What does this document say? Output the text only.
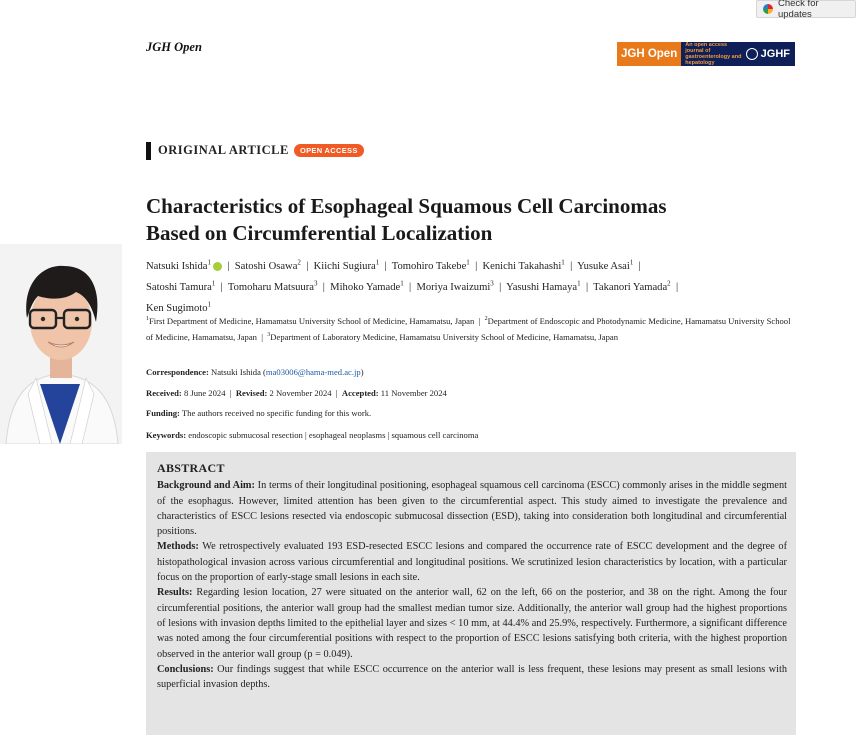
Check for updates
JGH Open	JGH Open
An open access journal of gastroenterology and hepatology
JGHF
ORIGINAL ARTICLE	OPEN ACCESS
Characteristics of Esophageal Squamous Cell Carcinomas
Based on Circumferential Localization
Natsuki Ishida$^1$  |  Satoshi Osawa$^2$  |  Kiichi Sugiura$^1$  |  Tomohiro Takebe$^1$  |  Kenichi Takahashi$^1$  |  Yusuke Asai$^1$  |
Satoshi Tamura$^1$  |  Tomoharu Matsuura$^3$  |  Mihoko Yamade$^1$  |  Moriya Iwaizumi$^3$  |  Yasushi Hamaya$^1$  |  Takanori Yamada$^2$  |
Ken Sugimoto$^1$
$^1$First Department of Medicine, Hamamatsu University School of Medicine, Hamamatsu, Japan  |  $^2$Department of Endoscopic and Photodynamic Medicine, Hamamatsu University School of Medicine, Hamamatsu, Japan  |  $^3$Department of Laboratory Medicine, Hamamatsu University School of Medicine, Hamamatsu, Japan
Correspondence: Natsuki Ishida (ma03006@hama-med.ac.jp)
Received: 8 June 2024  |  Revised: 2 November 2024  |  Accepted: 11 November 2024
Funding: The authors received no specific funding for this work.
Keywords: endoscopic submucosal resection | esophageal neoplasms | squamous cell carcinoma
ABSTRACT

Background and Aim: In terms of their longitudinal positioning, esophageal squamous cell carcinoma (ESCC) commonly arises in the middle segment of the esophagus. However, limited attention has been given to the circumferential aspect. This study aimed to investigate the prevalence and characteristics of ESCC lesions resected via endoscopic submucosal dissection (ESD), taking into consideration both longitudinal and circumferential positions.

Methods: We retrospectively evaluated 193 ESD-resected ESCC lesions and compared the occurrence rate of ESCC development and the degree of histopathological invasion across various circumferential and longitudinal positions. We scrutinized lesion characteristics by location, with a particular focus on the proportion of early-stage small lesions in each site.

Results: Regarding lesion location, 27 were situated on the anterior wall, 62 on the left, 66 on the posterior, and 38 on the right. Among the four circumferential positions, the anterior wall group had the smallest median tumor size. Additionally, the anterior wall group had the highest proportions of lesions with invasion depths limited to the epithelial layer and sizes < 10 mm, at 44.4% and 25.9%, respectively. Furthermore, a significant difference was noted among the four circumferential positions with respect to the proportion of ESCC lesions satisfying both criteria, with the highest proportion observed in the anterior wall group (p = 0.049).

Conclusions: Our findings suggest that while ESCC occurrence on the anterior wall is less frequent, these lesions may present as small lesions with superficial invasion depths.
